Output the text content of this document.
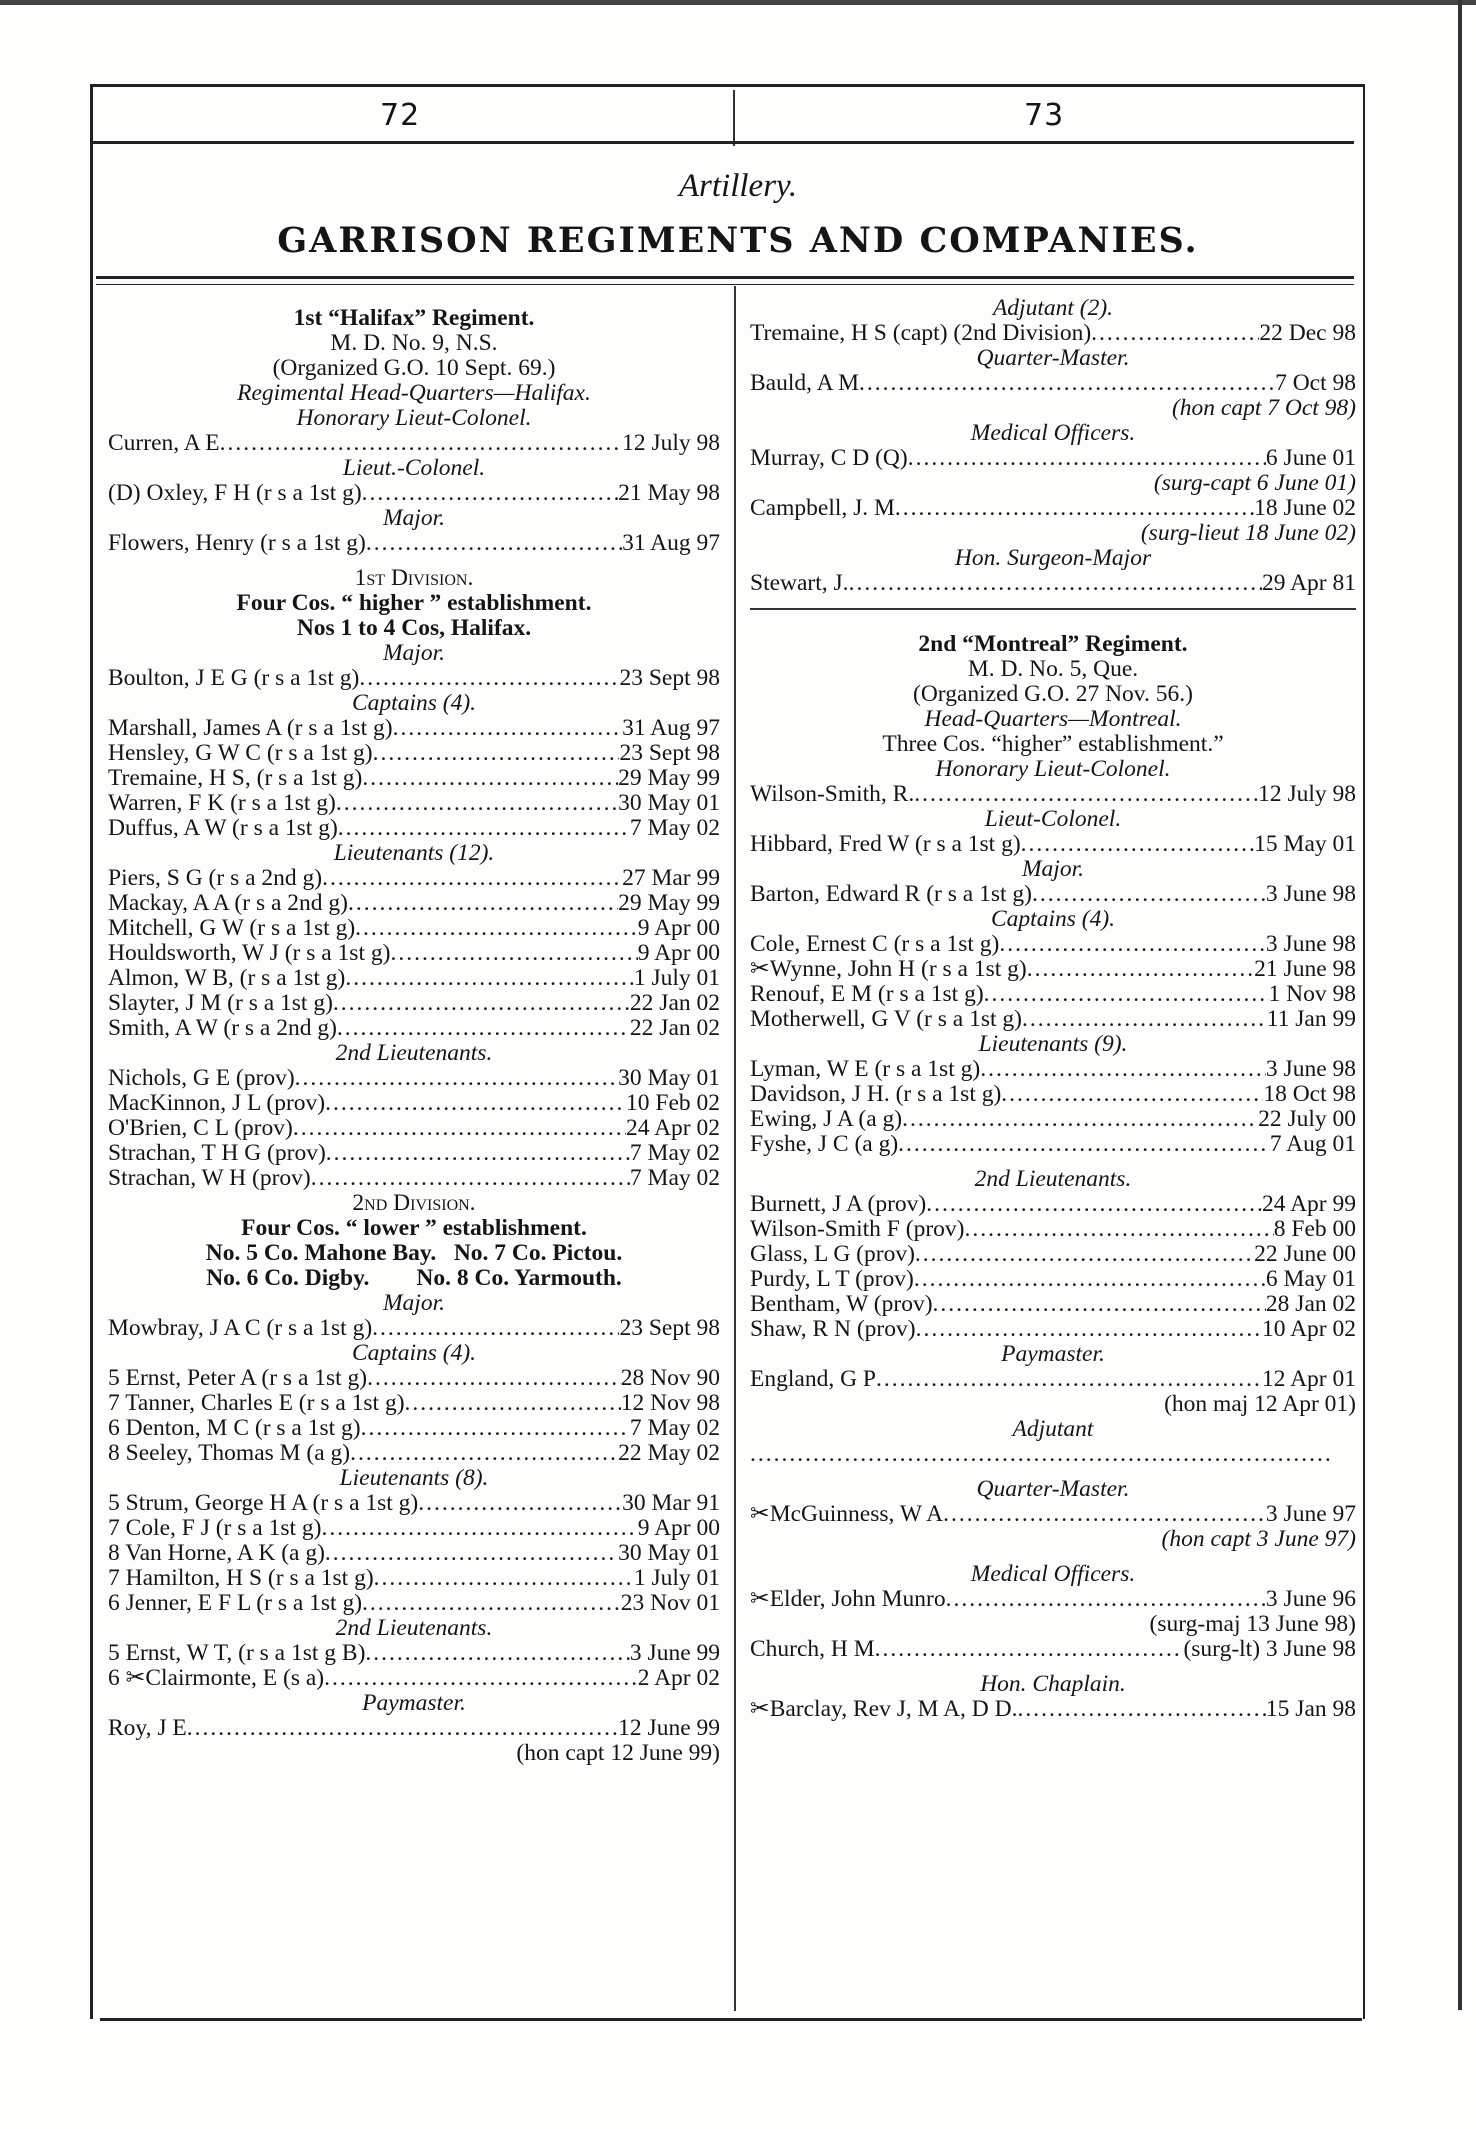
72	73
Artillery.
GARRISON REGIMENTS AND COMPANIES.
1st “Halifax” Regiment.
M. D. No. 9, N.S.
(Organized G.O. 10 Sept. 69.)
Regimental Head-Quarters—Halifax.
Honorary Lieut-Colonel.
Curren, A E .....	12 July 98
Lieut.-Colonel.
(D) Oxley, F H (r s a 1st g) .....	21 May 98
Major.
Flowers, Henry (r s a 1st g) .....	31 Aug 97
1st Division.
Four Cos. “ higher ” establishment.
Nos 1 to 4 Cos, Halifax.
Major.
Boulton, J E G (r s a 1st g) .....	23 Sept 98
Captains (4).
Marshall, James A (r s a 1st g) .....	31 Aug 97
Hensley, G W C (r s a 1st g) .....	23 Sept 98
Tremaine, H S, (r s a 1st g) .....	29 May 99
Warren, F K (r s a 1st g) .....	30 May 01
Duffus, A W (r s a 1st g) .....	7 May 02
Lieutenants (12).
Piers, S G (r s a 2nd g) .....	27 Mar 99
Mackay, A A (r s a 2nd g) .....	29 May 99
Mitchell, G W (r s a 1st g) .....	9 Apr 00
Houldsworth, W J (r s a 1st g) .....	9 Apr 00
Almon, W B, (r s a 1st g) .....	1 July 01
Slayter, J M (r s a 1st g) .....	22 Jan 02
Smith, A W (r s a 2nd g) .....	22 Jan 02
2nd Lieutenants.
Nichols, G E (prov) .....	30 May 01
MacKinnon, J L (prov) .....	10 Feb 02
O'Brien, C L (prov) .....	24 Apr 02
Strachan, T H G (prov) .....	7 May 02
Strachan, W H (prov) .....	7 May 02
2nd Division.
Four Cos. “ lower ” establishment.
No. 5 Co. Mahone Bay.   No. 7 Co. Pictou.
No. 6 Co. Digby.        No. 8 Co. Yarmouth.
Major.
Mowbray, J A C (r s a 1st g) .....	23 Sept 98
Captains (4).
5 Ernst, Peter A (r s a 1st g) .....	28 Nov 90
7 Tanner, Charles E (r s a 1st g) .....	12 Nov 98
6 Denton, M C (r s a 1st g) .....	7 May 02
8 Seeley, Thomas M (a g) .....	22 May 02
Lieutenants (8).
5 Strum, George H A (r s a 1st g) .....	30 Mar 91
7 Cole, F J (r s a 1st g) .....	9 Apr 00
8 Van Horne, A K (a g) .....	30 May 01
7 Hamilton, H S (r s a 1st g) .....	1 July 01
6 Jenner, E F L (r s a 1st g) .....	23 Nov 01
2nd Lieutenants.
5 Ernst, W T, (r s a 1st g B) .....	3 June 99
6 ✂Clairmonte, E (s a) .....	2 Apr 02
Paymaster.
Roy, J E .....	12 June 99
(hon capt 12 June 99)
Adjutant (2).
Tremaine, H S (capt) (2nd Division) .....	22 Dec 98
Quarter-Master.
Bauld, A M .....	7 Oct 98
(hon capt 7 Oct 98)
Medical Officers.
Murray, C D (Q) .....	6 June 01
(surg-capt 6 June 01)
Campbell, J. M .....	18 June 02
(surg-lieut 18 June 02)
Hon. Surgeon-Major
Stewart, J. .....	29 Apr 81
2nd “Montreal” Regiment.
M. D. No. 5, Que.
(Organized G.O. 27 Nov. 56.)
Head-Quarters—Montreal.
Three Cos. “higher” establishment.”
Honorary Lieut-Colonel.
Wilson-Smith, R. .....	12 July 98
Lieut-Colonel.
Hibbard, Fred W (r s a 1st g) .....	15 May 01
Major.
Barton, Edward R (r s a 1st g) .....	3 June 98
Captains (4).
Cole, Ernest C (r s a 1st g) .....	3 June 98
✂Wynne, John H (r s a 1st g) .....	21 June 98
Renouf, E M (r s a 1st g) .....	1 Nov 98
Motherwell, G V (r s a 1st g) .....	11 Jan 99
Lieutenants (9).
Lyman, W E (r s a 1st g) .....	3 June 98
Davidson, J H. (r s a 1st g) .....	18 Oct 98
Ewing, J A (a g) .....	22 July 00
Fyshe, J C (a g) .....	7 Aug 01
2nd Lieutenants.
Burnett, J A (prov) .....	24 Apr 99
Wilson-Smith F (prov) .....	8 Feb 00
Glass, L G (prov) .....	22 June 00
Purdy, L T (prov) .....	6 May 01
Bentham, W (prov) .....	28 Jan 02
Shaw, R N (prov) .....	10 Apr 02
Paymaster.
England, G P .....	12 Apr 01
(hon maj 12 Apr 01)
Adjutant
..........................................................................
Quarter-Master.
✂McGuinness, W A .....	3 June 97
(hon capt 3 June 97)
Medical Officers.
✂Elder, John Munro .....	3 June 96
(surg-maj 13 June 98)
Church, H M .....	(surg-lt) 3 June 98
Hon. Chaplain.
✂Barclay, Rev J, M A, D D. .....	15 Jan 98
